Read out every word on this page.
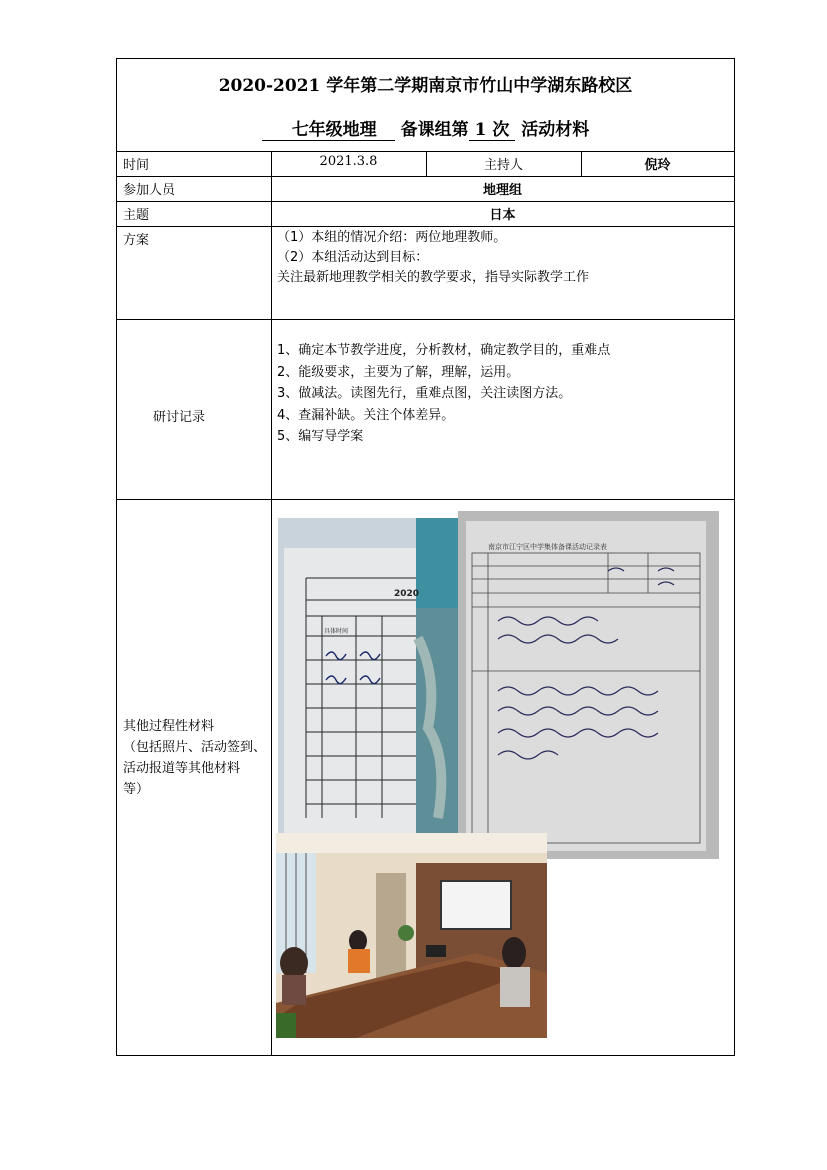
2020-2021 学年第二学期南京市竹山中学湖东路校区
七年级地理 备课组第 1 次 活动材料
时间	2021.3.8	主持人	倪玲
参加人员	地理组
主题	日本
方案	（1）本组的情况介绍：两位地理教师。
（2）本组活动达到目标：
关注最新地理教学相关的教学要求，指导实际教学工作
研讨记录
1、确定本节教学进度，分析教材，确定教学目的，重难点
2、能级要求，主要为了解，理解，运用。
3、做减法。读图先行，重难点图，关注读图方法。
4、查漏补缺。关注个体差异。
5、编写导学案
其他过程性材料
（包括照片、活动签到、
活动报道等其他材料
等）
2020
具体时间
南京市江宁区中学集体备课活动记录表
